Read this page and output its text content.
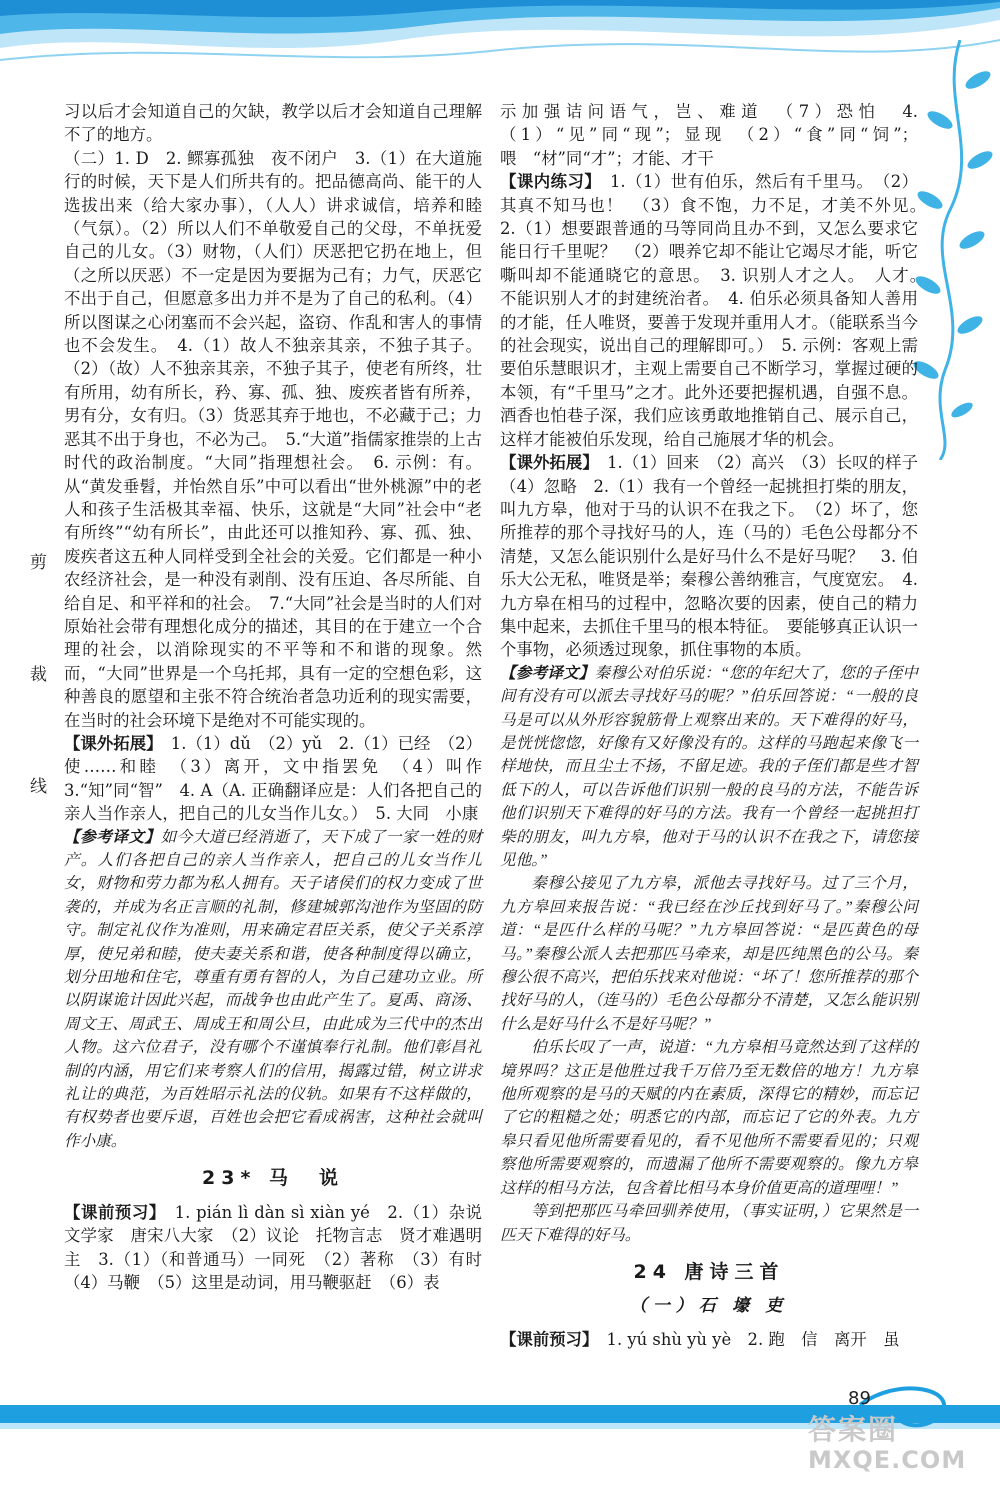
剪
裁
线

习以后才会知道自己的欠缺，教学以后才会知道自己理解不了的地方。

（二）1. D　2. 鳏寡孤独　夜不闭户　3.（1）在大道施行的时候，天下是人们所共有的。把品德高尚、能干的人选拔出来（给大家办事），（人人）讲求诚信，培养和睦（气氛）。（2）所以人们不单敬爱自己的父母，不单抚爱自己的儿女。（3）财物，（人们）厌恶把它扔在地上，但（之所以厌恶）不一定是因为要据为己有；力气，厌恶它不出于自己，但愿意多出力并不是为了自己的私利。（4）所以图谋之心闭塞而不会兴起，盗窃、作乱和害人的事情也不会发生。　4.（1）故人不独亲其亲，不独子其子。（2）（故）人不独亲其亲，不独子其子，使老有所终，壮有所用，幼有所长，矜、寡、孤、独、废疾者皆有所养，男有分，女有归。（3）货恶其弃于地也，不必藏于己；力恶其不出于身也，不必为己。　5.“大道”指儒家推崇的上古时代的政治制度。“大同”指理想社会。　6. 示例：有。从“黄发垂髫，并怡然自乐”中可以看出“世外桃源”中的老人和孩子生活极其幸福、快乐，这就是“大同”社会中“老有所终”“幼有所长”，由此还可以推知矜、寡、孤、独、废疾者这五种人同样受到全社会的关爱。它们都是一种小农经济社会，是一种没有剥削、没有压迫、各尽所能、自给自足、和平祥和的社会。　7.“大同”社会是当时的人们对原始社会带有理想化成分的描述，其目的在于建立一个合理的社会，以消除现实的不平等和不和谐的现象。然而，“大同”世界是一个乌托邦，具有一定的空想色彩，这种善良的愿望和主张不符合统治者急功近利的现实需要，在当时的社会环境下是绝对不可能实现的。

【课外拓展】　1.（1）dǔ　（2）yǔ　2.（1）已经　（2）使……和睦　（3）离开，文中指罢免　（4）叫作　3.“知”同“智”　4. A（A. 正确翻译应是：人们各把自己的亲人当作亲人，把自己的儿女当作儿女。）　5. 大同　小康

【参考译文】如今大道已经消逝了，天下成了一家一姓的财产。人们各把自己的亲人当作亲人，把自己的儿女当作儿女，财物和劳力都为私人拥有。天子诸侯们的权力变成了世袭的，并成为名正言顺的礼制，修建城郭沟池作为坚固的防守。制定礼仪作为准则，用来确定君臣关系，使父子关系淳厚，使兄弟和睦，使夫妻关系和谐，使各种制度得以确立，划分田地和住宅，尊重有勇有智的人，为自己建功立业。所以阴谋诡计因此兴起，而战争也由此产生了。夏禹、商汤、周文王、周武王、周成王和周公旦，由此成为三代中的杰出人物。这六位君子，没有哪个不谨慎奉行礼制。他们彰昌礼制的内涵，用它们来考察人们的信用，揭露过错，树立讲求礼让的典范，为百姓昭示礼法的仪轨。如果有不这样做的，有权势者也要斥退，百姓也会把它看成祸害，这种社会就叫作小康。

23* 马　说

【课前预习】　1. pián lì dàn sì xiàn yé　2.（1）杂说　文学家　唐宋八大家　（2）议论　托物言志　贤才难遇明主　3.（1）（和普通马）一同死　（2）著称　（3）有时　（4）马鞭　（5）这里是动词，用马鞭驱赶　（6）表

示加强诘问语气，岂、难道　（7）恐怕　4.（1）“见”同“现”；显现　（2）“食”同“饲”；喂　“材”同“才”；才能、才干

【课内练习】　1.（1）世有伯乐，然后有千里马。　（2）其真不知马也！　（3）食不饱，力不足，才美不外见。　2.（1）想要跟普通的马等同尚且办不到，又怎么要求它能日行千里呢？　（2）喂养它却不能让它竭尽才能，听它嘶叫却不能通晓它的意思。　3. 识别人才之人。　人才。　不能识别人才的封建统治者。　4. 伯乐必须具备知人善用的才能，任人唯贤，要善于发现并重用人才。（能联系当今的社会现实，说出自己的理解即可。）　5. 示例：客观上需要伯乐慧眼识才，主观上需要自己不断学习，掌握过硬的本领，有“千里马”之才。此外还要把握机遇，自强不息。酒香也怕巷子深，我们应该勇敢地推销自己、展示自己，这样才能被伯乐发现，给自己施展才华的机会。

【课外拓展】　1.（1）回来　（2）高兴　（3）长叹的样子　（4）忽略　2.（1）我有一个曾经一起挑担打柴的朋友，叫九方皋，他对于马的认识不在我之下。　（2）坏了，您所推荐的那个寻找好马的人，连（马的）毛色公母都分不清楚，又怎么能识别什么是好马什么不是好马呢？　3. 伯乐大公无私，唯贤是举；秦穆公善纳雅言，气度宽宏。　4. 九方皋在相马的过程中，忽略次要的因素，使自己的精力集中起来，去抓住千里马的根本特征。　要能够真正认识一个事物，必须透过现象，抓住事物的本质。

【参考译文】秦穆公对伯乐说：“您的年纪大了，您的子侄中间有没有可以派去寻找好马的呢？”伯乐回答说：“一般的良马是可以从外形容貌筋骨上观察出来的。天下难得的好马，是恍恍惚惚，好像有又好像没有的。这样的马跑起来像飞一样地快，而且尘土不扬，不留足迹。我的子侄们都是些才智低下的人，可以告诉他们识别一般的良马的方法，不能告诉他们识别天下难得的好马的方法。我有一个曾经一起挑担打柴的朋友，叫九方皋，他对于马的认识不在我之下，请您接见他。”

秦穆公接见了九方皋，派他去寻找好马。过了三个月，九方皋回来报告说：“我已经在沙丘找到好马了。”秦穆公问道：“是匹什么样的马呢？”九方皋回答说：“是匹黄色的母马。”秦穆公派人去把那匹马牵来，却是匹纯黑色的公马。秦穆公很不高兴，把伯乐找来对他说：“坏了！您所推荐的那个找好马的人，（连马的）毛色公母都分不清楚，又怎么能识别什么是好马什么不是好马呢？”

伯乐长叹了一声，说道：“九方皋相马竟然达到了这样的境界吗？这正是他胜过我千万倍乃至无数倍的地方！九方皋他所观察的是马的天赋的内在素质，深得它的精妙，而忘记了它的粗糙之处；明悉它的内部，而忘记了它的外表。九方皋只看见他所需要看见的，看不见他所不需要看见的；只观察他所需要观察的，而遗漏了他所不需要观察的。像九方皋这样的相马方法，包含着比相马本身价值更高的道理哩！”

等到把那匹马牵回驯养使用，（事实证明，）它果然是一匹天下难得的好马。

24 唐诗三首
（一）石 壕 吏

【课前预习】　1. yú shù yù yè　2. 跑　信　离开　虽

89
答案圈
MXQE.COM
